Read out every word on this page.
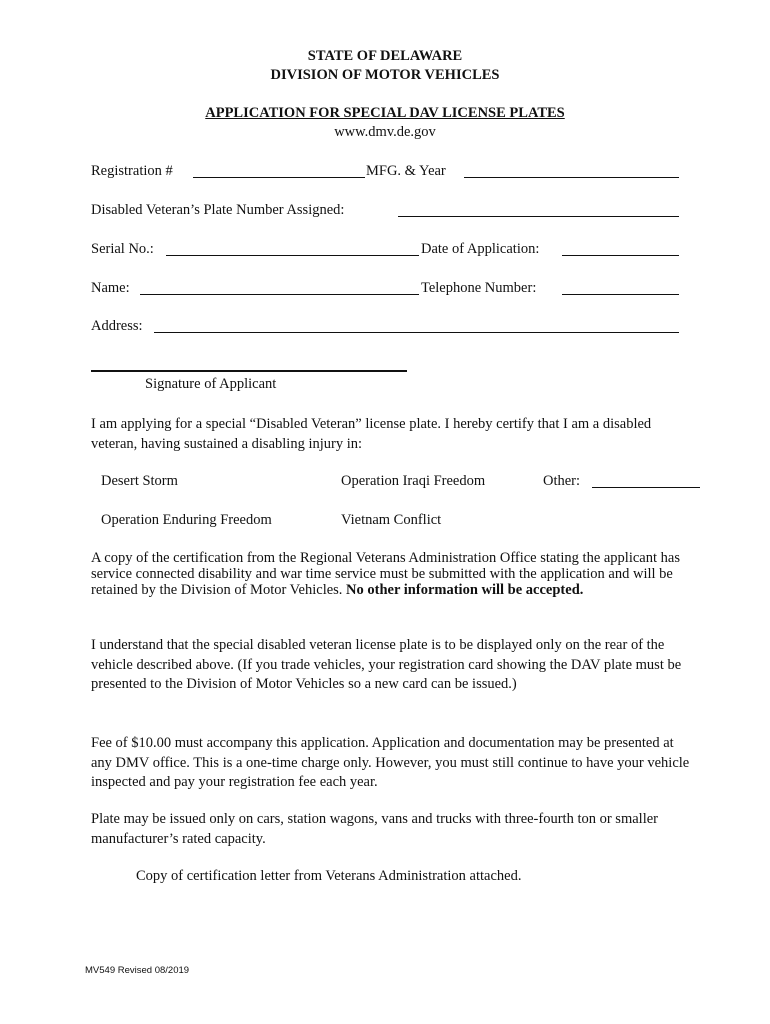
STATE OF DELAWARE
DIVISION OF MOTOR VEHICLES
APPLICATION FOR SPECIAL DAV LICENSE PLATES
www.dmv.de.gov
Registration #	MFG. & Year
Disabled Veteran’s Plate Number Assigned:
Serial No.:	Date of Application:
Name:	Telephone Number:
Address:
Signature of Applicant
I am applying for a special “Disabled Veteran” license plate. I hereby certify that I am a disabled veteran, having sustained a disabling injury in:
Desert Storm	Operation Iraqi Freedom	Other:
Operation Enduring Freedom	Vietnam Conflict
A copy of the certification from the Regional Veterans Administration Office stating the applicant has service connected disability and war time service must be submitted with the application and will be retained by the Division of Motor Vehicles. No other information will be accepted.
I understand that the special disabled veteran license plate is to be displayed only on the rear of the vehicle described above. (If you trade vehicles, your registration card showing the DAV plate must be presented to the Division of Motor Vehicles so a new card can be issued.)
Fee of $10.00 must accompany this application. Application and documentation may be presented at any DMV office. This is a one-time charge only. However, you must still continue to have your vehicle inspected and pay your registration fee each year.
Plate may be issued only on cars, station wagons, vans and trucks with three-fourth ton or smaller manufacturer’s rated capacity.
Copy of certification letter from Veterans Administration attached.
MV549 Revised 08/2019
